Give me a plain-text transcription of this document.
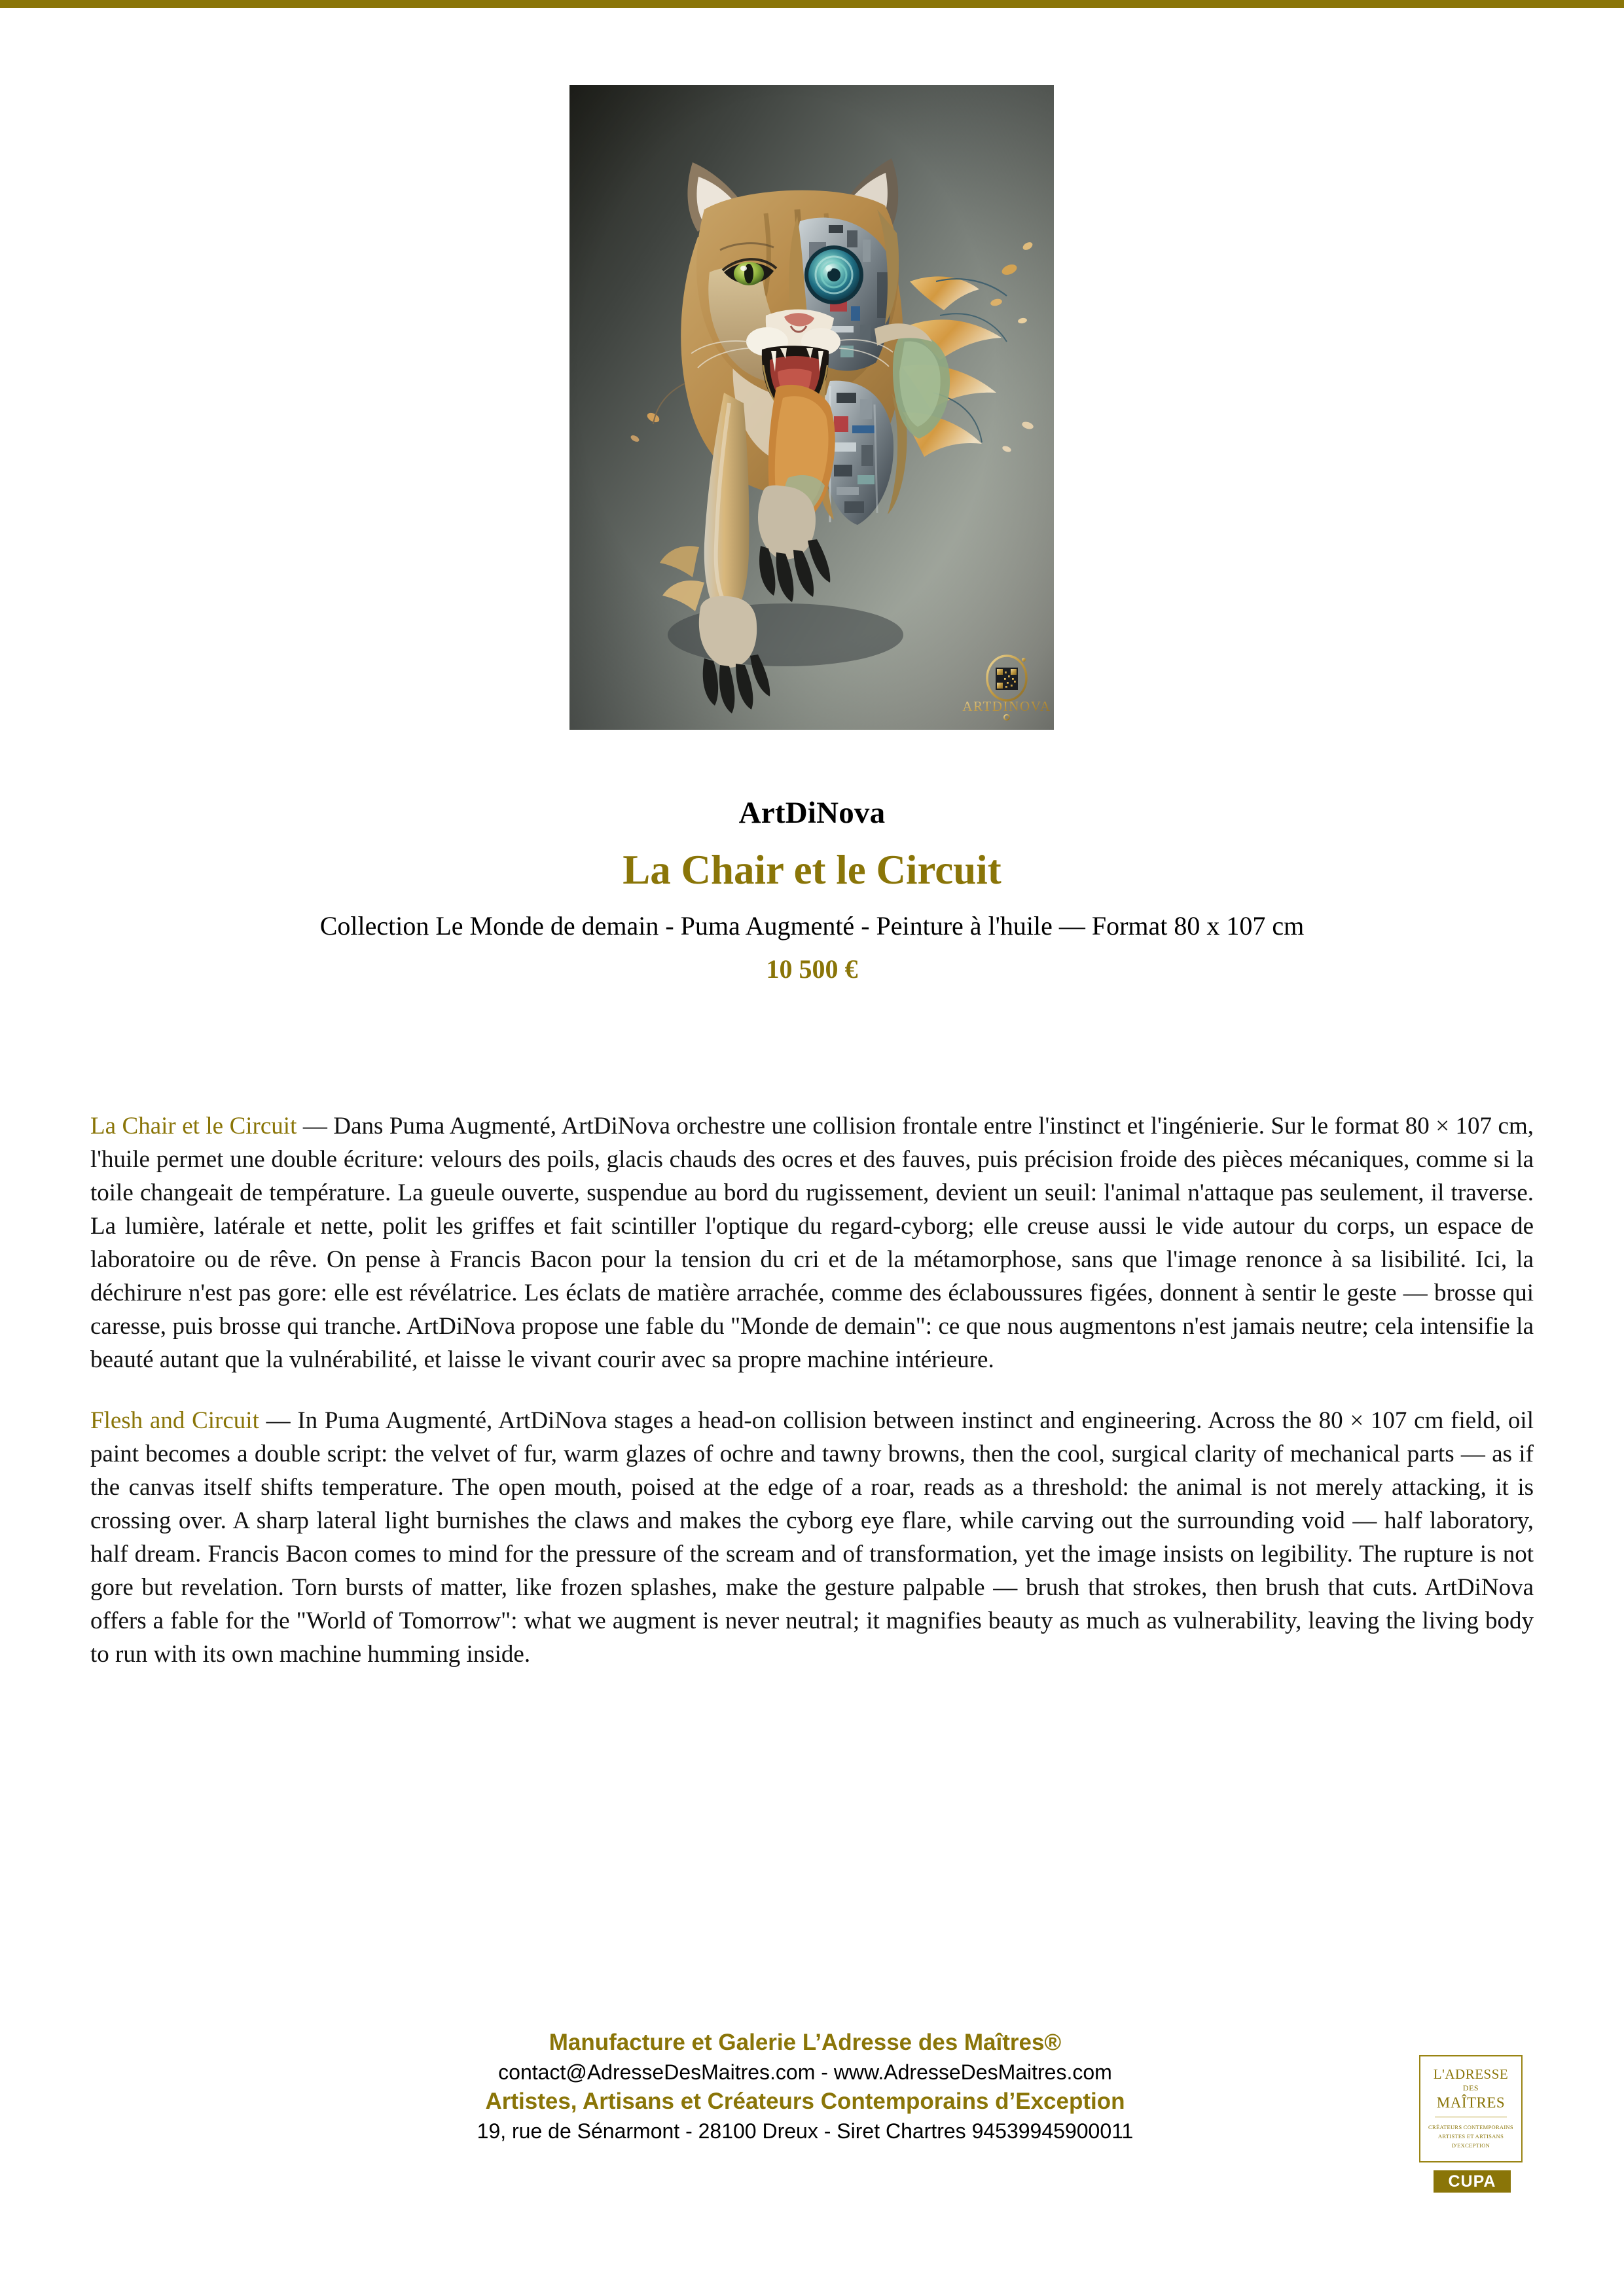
ARTDINOVA
ArtDiNova
La Chair et le Circuit
Collection Le Monde de demain - Puma Augmenté - Peinture à l'huile — Format 80 x 107 cm
10 500 €

La Chair et le Circuit — Dans Puma Augmenté, ArtDiNova orchestre une collision frontale entre l'instinct et l'ingénierie. Sur le format 80 × 107 cm, l'huile permet une double écriture: velours des poils, glacis chauds des ocres et des fauves, puis précision froide des pièces mécaniques, comme si la toile changeait de température. La gueule ouverte, suspendue au bord du rugissement, devient un seuil: l'animal n'attaque pas seulement, il traverse. La lumière, latérale et nette, polit les griffes et fait scintiller l'optique du regard-cyborg; elle creuse aussi le vide autour du corps, un espace de laboratoire ou de rêve. On pense à Francis Bacon pour la tension du cri et de la métamorphose, sans que l'image renonce à sa lisibilité. Ici, la déchirure n'est pas gore: elle est révélatrice. Les éclats de matière arrachée, comme des éclaboussures figées, donnent à sentir le geste — brosse qui caresse, puis brosse qui tranche. ArtDiNova propose une fable du "Monde de demain": ce que nous augmentons n'est jamais neutre; cela intensifie la beauté autant que la vulnérabilité, et laisse le vivant courir avec sa propre machine intérieure.

Flesh and Circuit — In Puma Augmenté, ArtDiNova stages a head-on collision between instinct and engineering. Across the 80 × 107 cm field, oil paint becomes a double script: the velvet of fur, warm glazes of ochre and tawny browns, then the cool, surgical clarity of mechanical parts — as if the canvas itself shifts temperature. The open mouth, poised at the edge of a roar, reads as a threshold: the animal is not merely attacking, it is crossing over. A sharp lateral light burnishes the claws and makes the cyborg eye flare, while carving out the surrounding void — half laboratory, half dream. Francis Bacon comes to mind for the pressure of the scream and of transformation, yet the image insists on legibility. The rupture is not gore but revelation. Torn bursts of matter, like frozen splashes, make the gesture palpable — brush that strokes, then brush that cuts. ArtDiNova offers a fable for the "World of Tomorrow": what we augment is never neutral; it magnifies beauty as much as vulnerability, leaving the living body to run with its own machine humming inside.

Manufacture et Galerie L’Adresse des Maîtres®
contact@AdresseDesMaitres.com - www.AdresseDesMaitres.com
Artistes, Artisans et Créateurs Contemporains d’Exception
19, rue de Sénarmont - 28100 Dreux - Siret Chartres 94539945900011
L'ADRESSE
DES
MAÎTRES
CRÉATEURS CONTEMPORAINS
ARTISTES ET ARTISANS
D'EXCEPTION
CUPA
